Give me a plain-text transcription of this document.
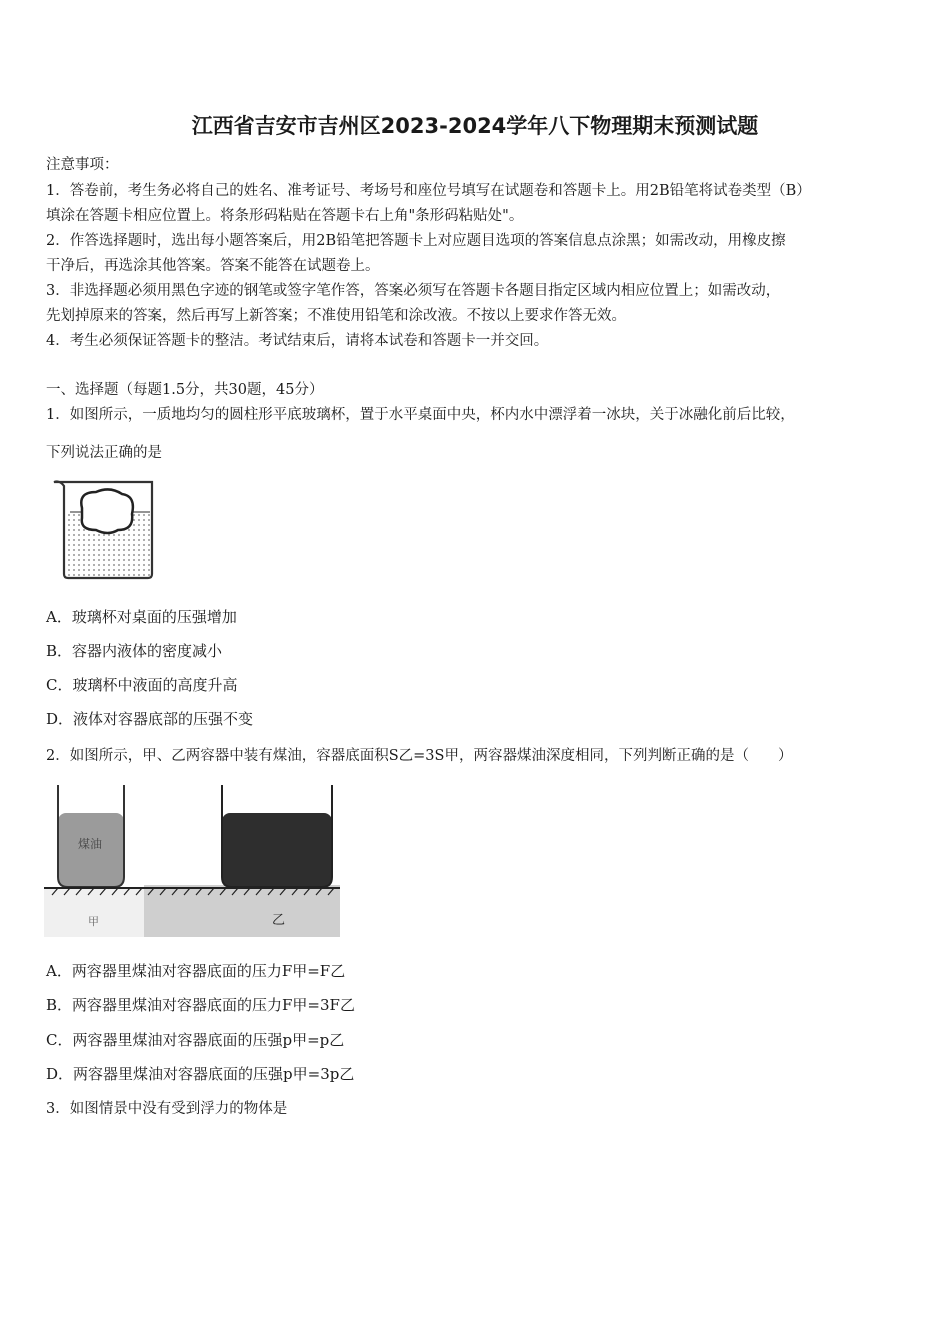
江西省吉安市吉州区2023-2024学年八下物理期末预测试题
注意事项：
1．答卷前，考生务必将自己的姓名、准考证号、考场号和座位号填写在试题卷和答题卡上。用2B铅笔将试卷类型（B）
填涂在答题卡相应位置上。将条形码粘贴在答题卡右上角"条形码粘贴处"。
2．作答选择题时，选出每小题答案后，用2B铅笔把答题卡上对应题目选项的答案信息点涂黑；如需改动，用橡皮擦
干净后，再选涂其他答案。答案不能答在试题卷上。
3．非选择题必须用黑色字迹的钢笔或签字笔作答，答案必须写在答题卡各题目指定区域内相应位置上；如需改动，
先划掉原来的答案，然后再写上新答案；不准使用铅笔和涂改液。不按以上要求作答无效。
4．考生必须保证答题卡的整洁。考试结束后，请将本试卷和答题卡一并交回。
一、选择题（每题1.5分，共30题，45分）
1．如图所示，一质地均匀的圆柱形平底玻璃杯，置于水平桌面中央，杯内水中漂浮着一冰块，关于冰融化前后比较，
下列说法正确的是
A．玻璃杯对桌面的压强增加
B．容器内液体的密度减小
C．玻璃杯中液面的高度升高
D．液体对容器底部的压强不变
2．如图所示，甲、乙两容器中装有煤油，容器底面积S乙=3S甲，两容器煤油深度相同，下列判断正确的是（　　）
煤油
甲	乙
A．两容器里煤油对容器底面的压力F甲=F乙
B．两容器里煤油对容器底面的压力F甲=3F乙
C．两容器里煤油对容器底面的压强p甲=p乙
D．两容器里煤油对容器底面的压强p甲=3p乙
3．如图情景中没有受到浮力的物体是
